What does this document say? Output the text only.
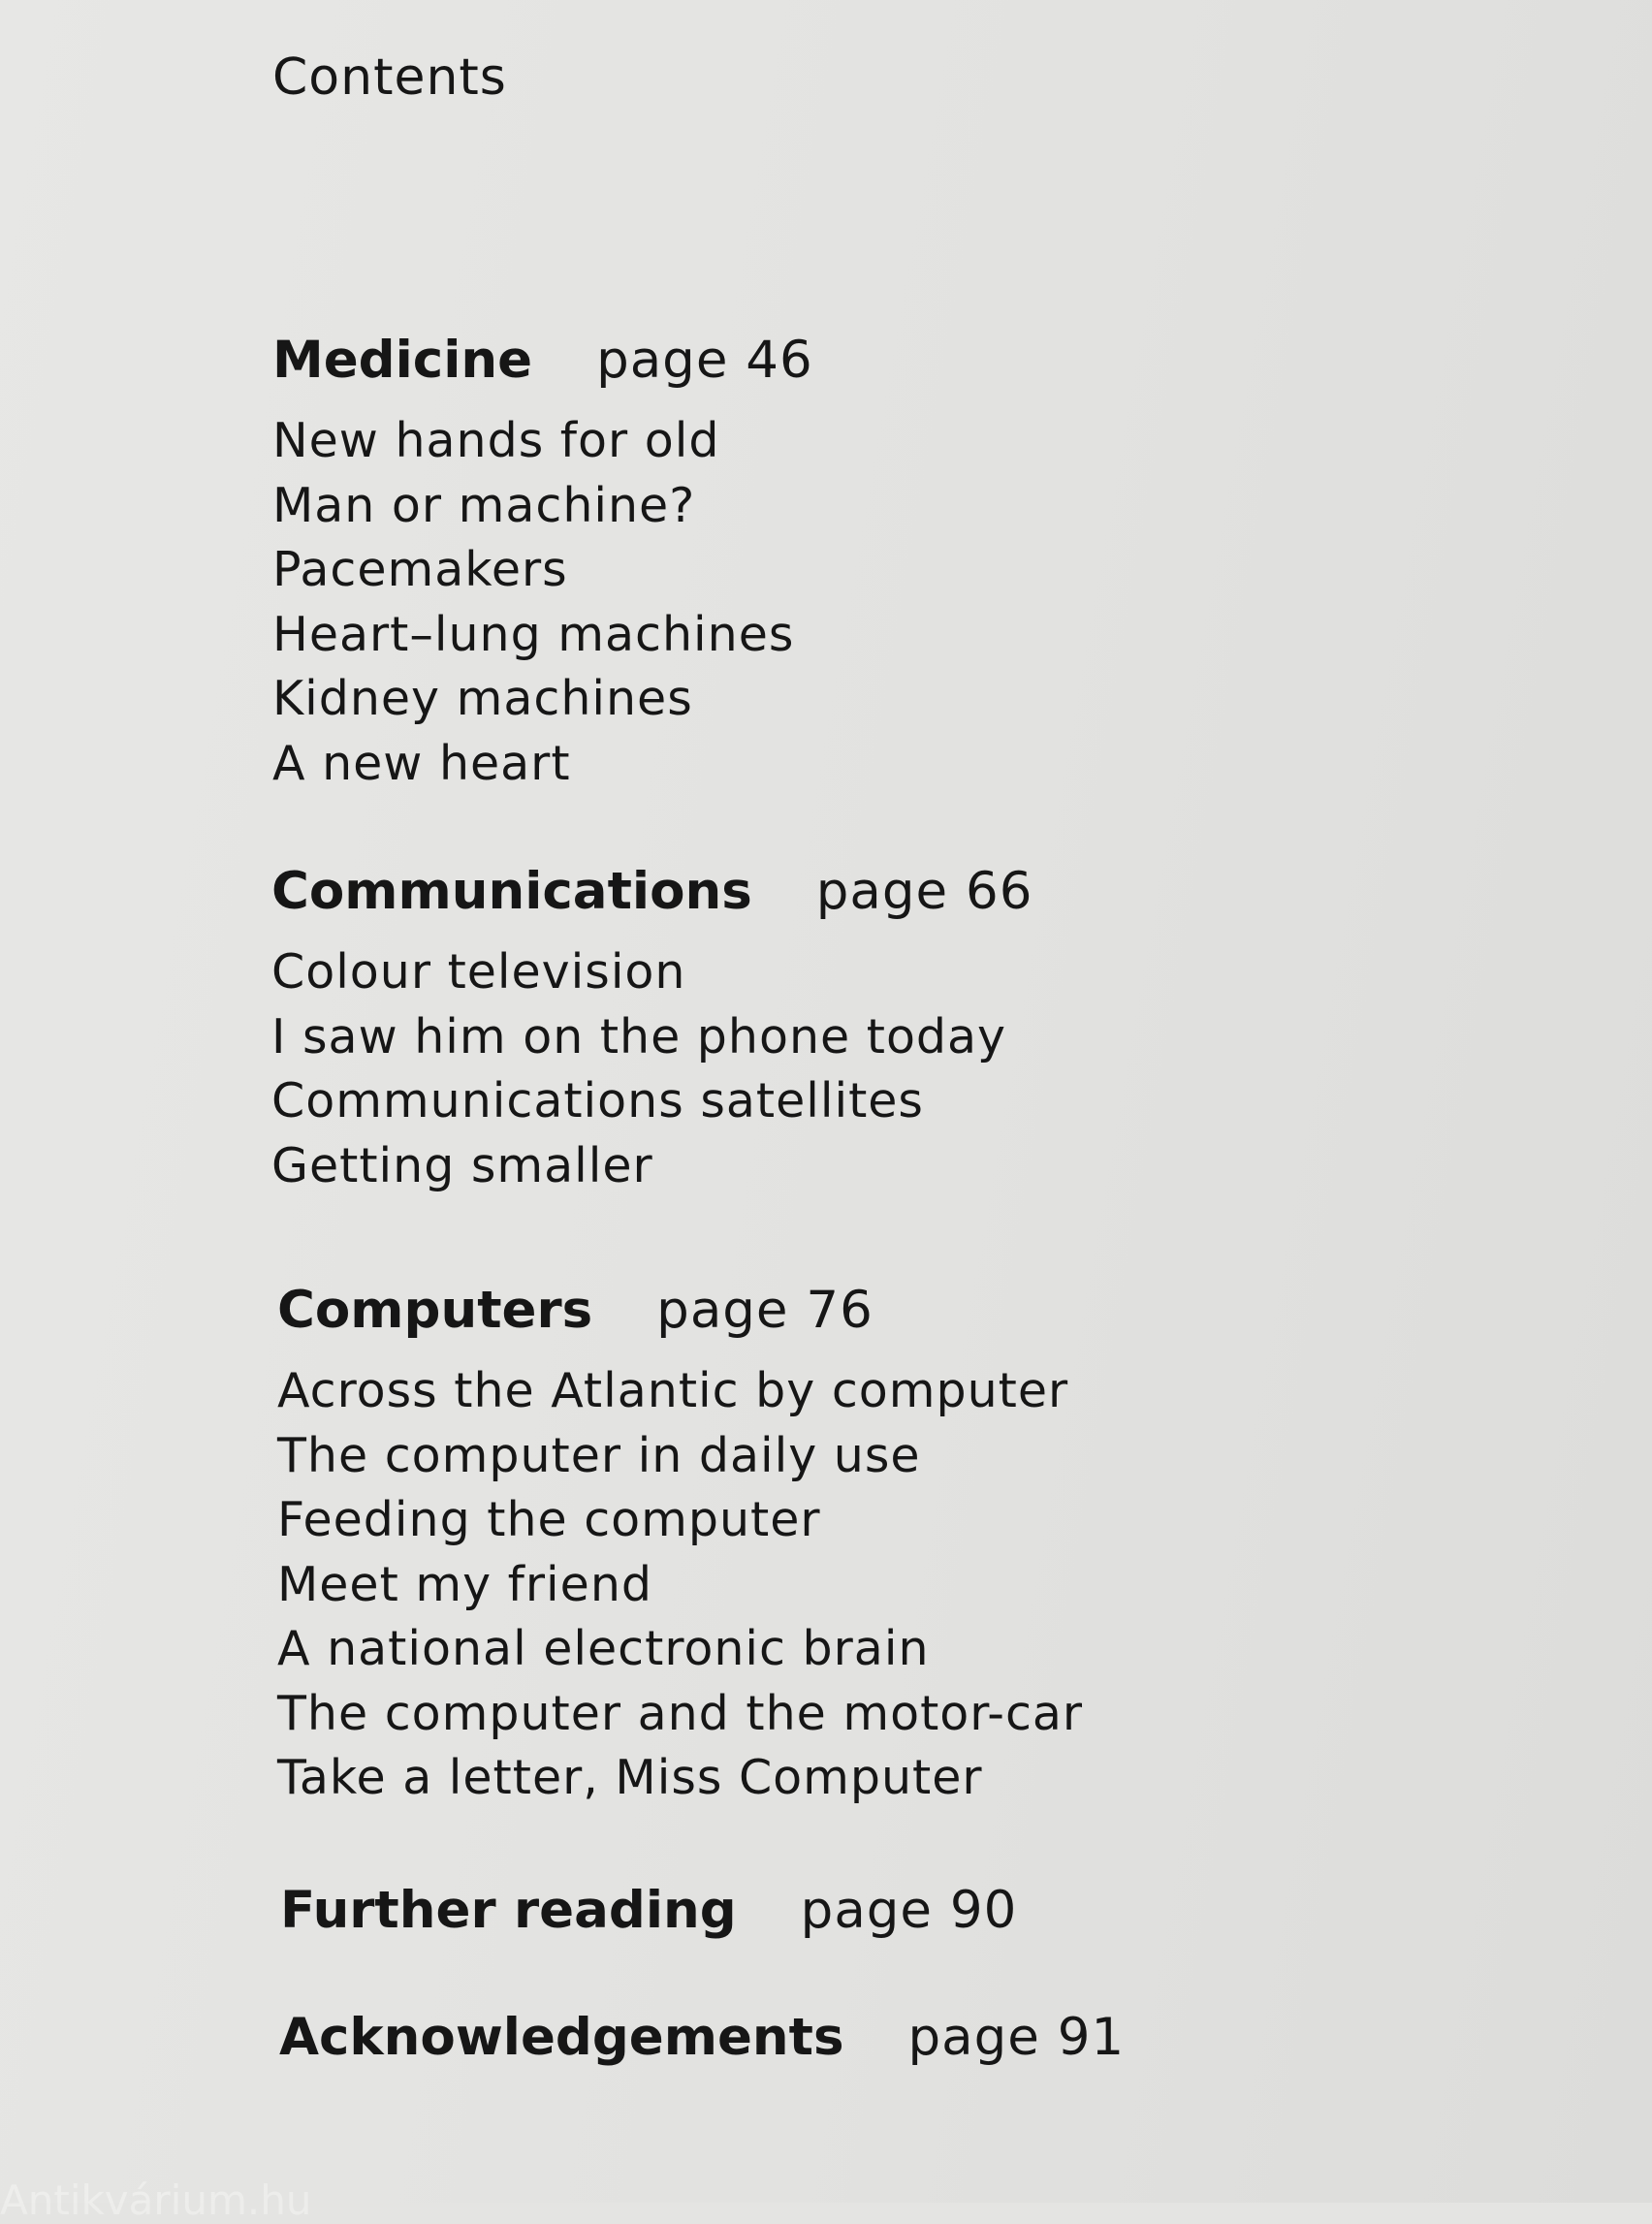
Contents
Medicine page 46
New hands for old
Man or machine?
Pacemakers
Heart–lung machines
Kidney machines
A new heart
Communications page 66
Colour television
I saw him on the phone today
Communications satellites
Getting smaller
Computers page 76
Across the Atlantic by computer
The computer in daily use
Feeding the computer
Meet my friend
A national electronic brain
The computer and the motor-car
Take a letter, Miss Computer
Further reading page 90
Acknowledgements page 91
Antikvárium.hu
